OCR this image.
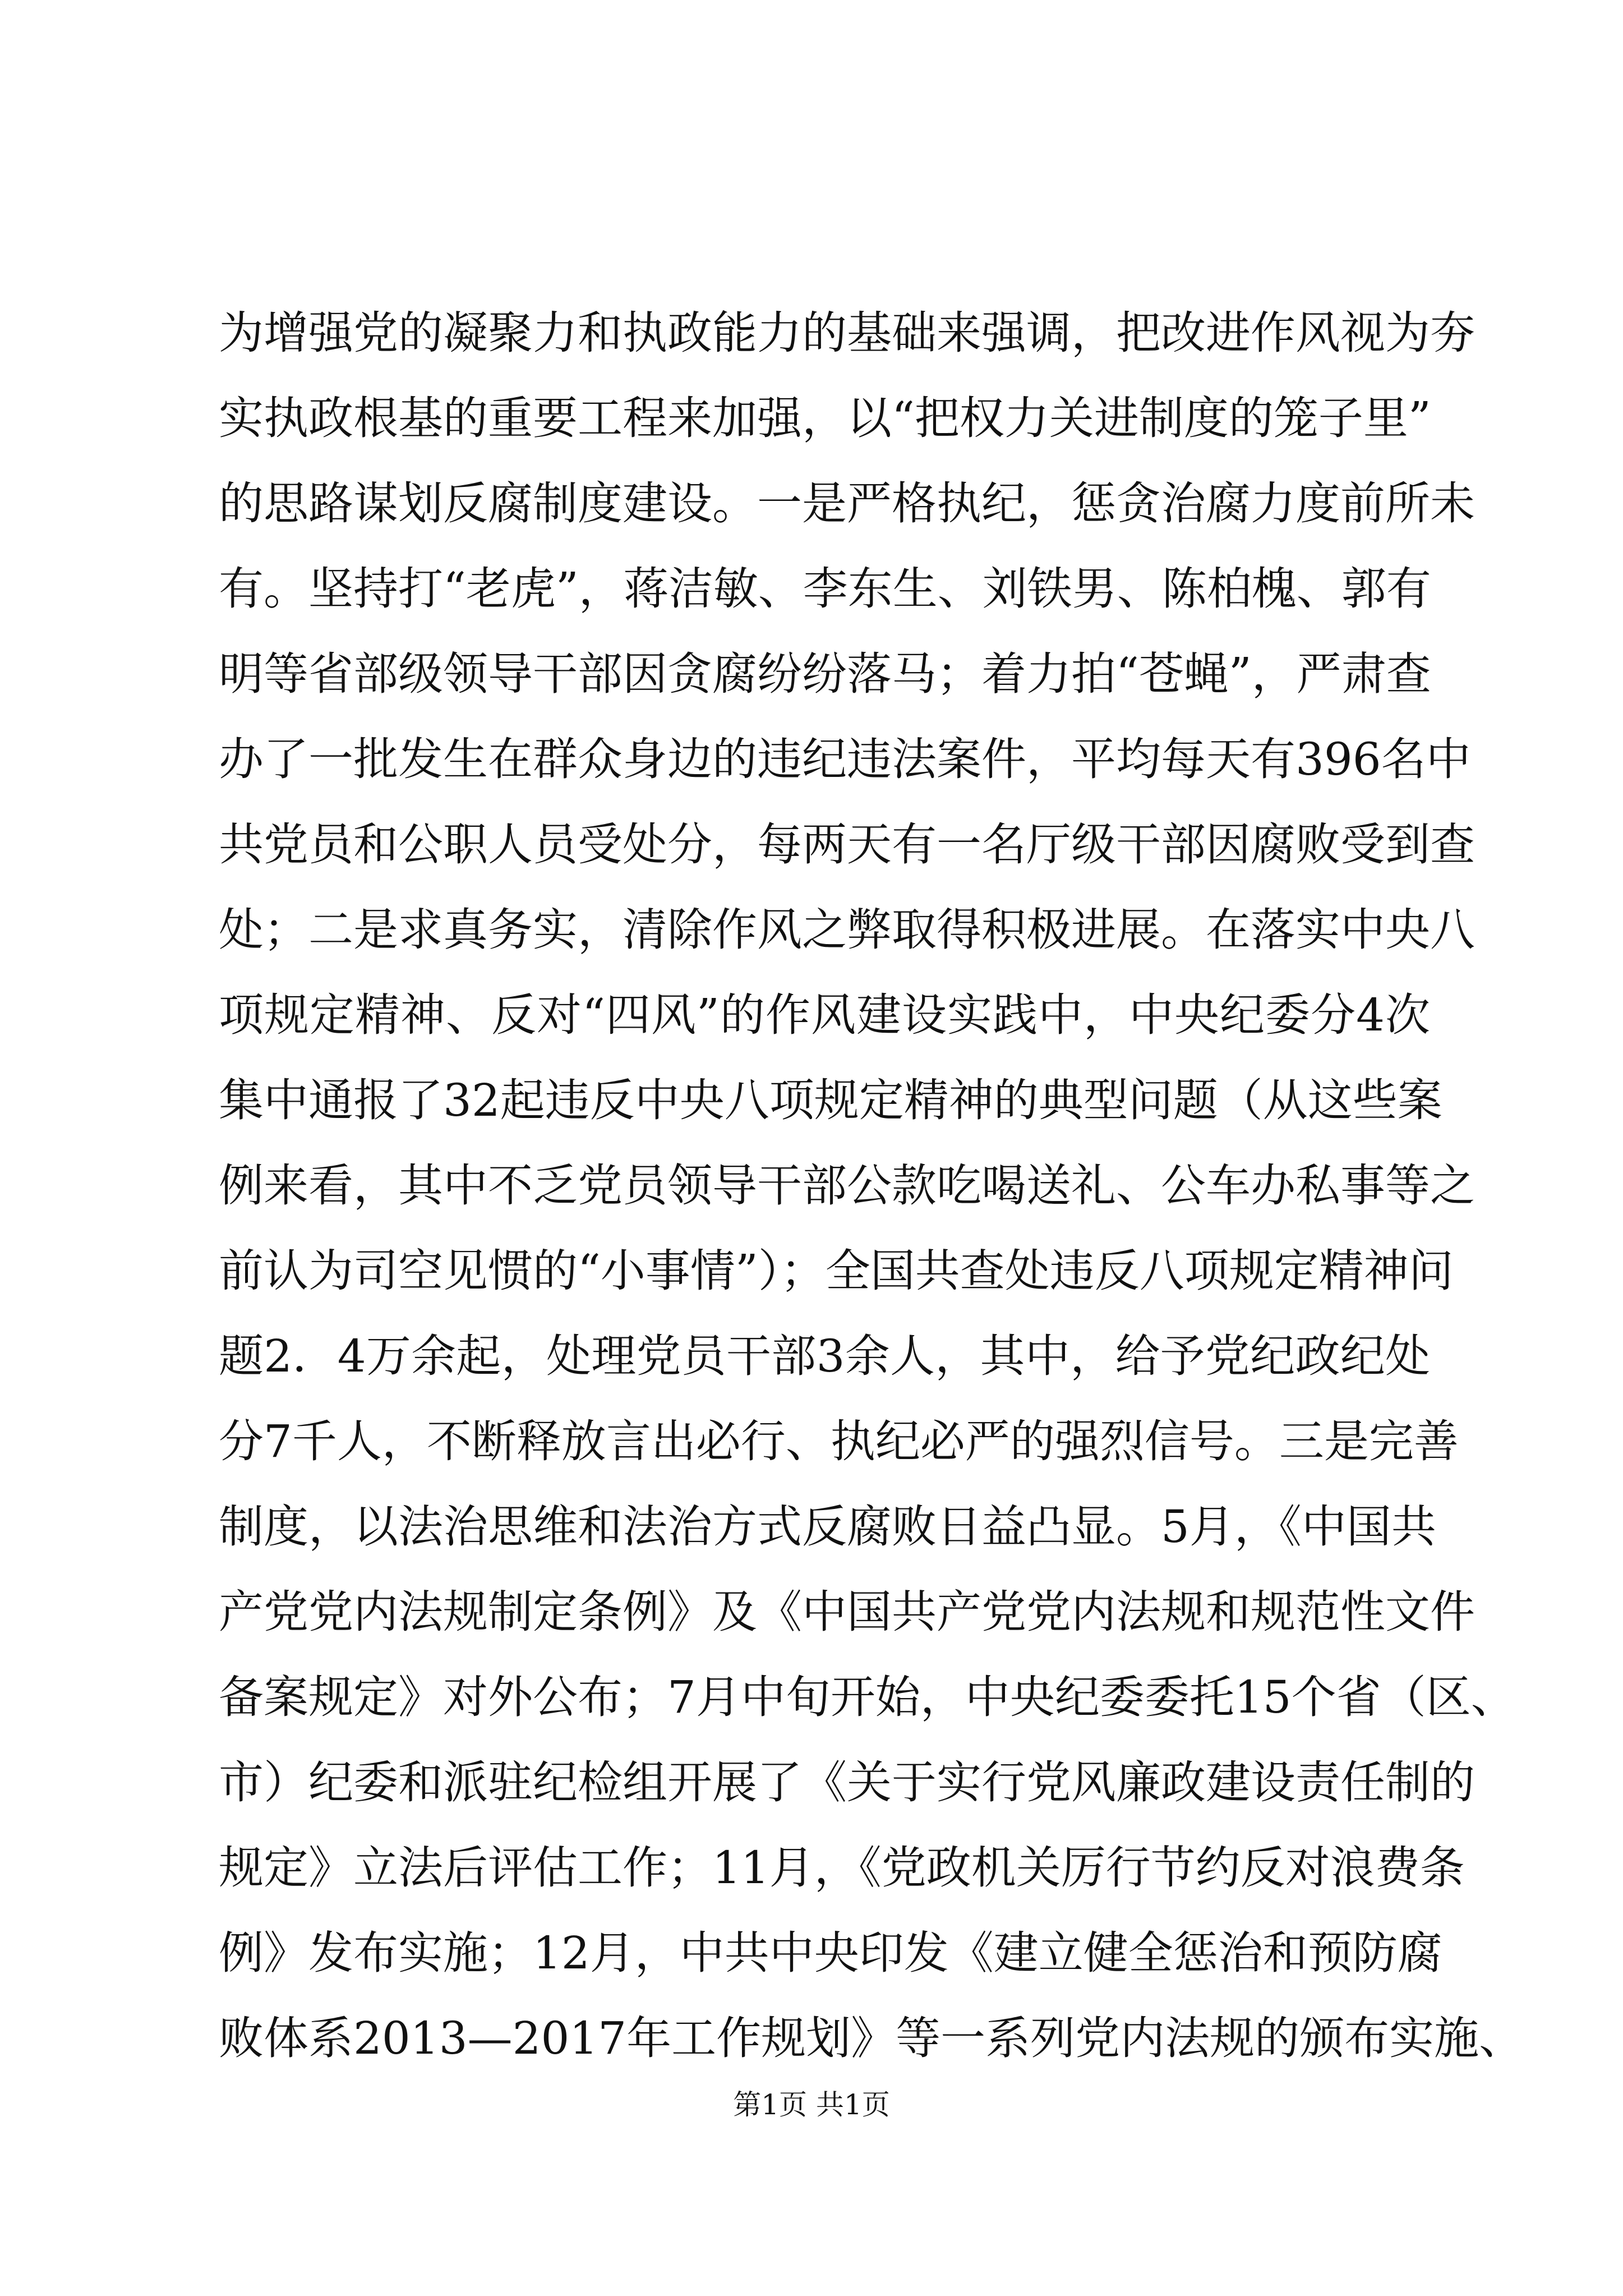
为增强党的凝聚力和执政能力的基础来强调，把改进作风视为夯
实执政根基的重要工程来加强，以“把权力关进制度的笼子里”
的思路谋划反腐制度建设。一是严格执纪，惩贪治腐力度前所未
有。坚持打“老虎”，蒋洁敏、李东生、刘铁男、陈柏槐、郭有
明等省部级领导干部因贪腐纷纷落马；着力拍“苍蝇”，严肃查
办了一批发生在群众身边的违纪违法案件，平均每天有396名中
共党员和公职人员受处分，每两天有一名厅级干部因腐败受到查
处；二是求真务实，清除作风之弊取得积极进展。在落实中央八
项规定精神、反对“四风”的作风建设实践中，中央纪委分4次
集中通报了32起违反中央八项规定精神的典型问题（从这些案
例来看，其中不乏党员领导干部公款吃喝送礼、公车办私事等之
前认为司空见惯的“小事情”）；全国共查处违反八项规定精神问
题2．4万余起，处理党员干部3余人，其中，给予党纪政纪处
分7千人，不断释放言出必行、执纪必严的强烈信号。三是完善
制度，以法治思维和法治方式反腐败日益凸显。5月，《中国共
产党党内法规制定条例》及《中国共产党党内法规和规范性文件
备案规定》对外公布；7月中旬开始，中央纪委委托15个省（区、
市）纪委和派驻纪检组开展了《关于实行党风廉政建设责任制的
规定》立法后评估工作；11月，《党政机关厉行节约反对浪费条
例》发布实施；12月，中共中央印发《建立健全惩治和预防腐
败体系2013—2017年工作规划》等一系列党内法规的颁布实施、
第1页 共1页
